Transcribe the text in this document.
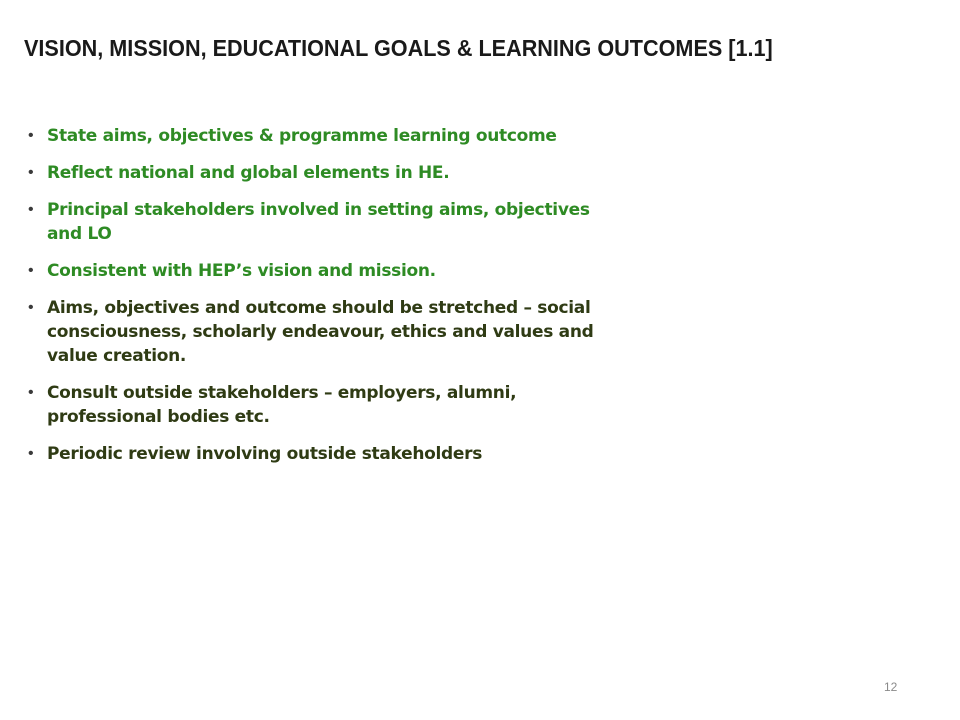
VISION, MISSION, EDUCATIONAL GOALS & LEARNING OUTCOMES [1.1]
• State aims, objectives & programme learning outcome
• Reflect national and global elements in HE.
• Principal stakeholders involved in setting aims, objectives and LO
• Consistent with HEP’s vision and mission.
• Aims, objectives and outcome should be stretched – social consciousness, scholarly endeavour, ethics and values and value creation.
• Consult outside stakeholders – employers, alumni, professional bodies etc.
• Periodic review involving outside stakeholders
12
